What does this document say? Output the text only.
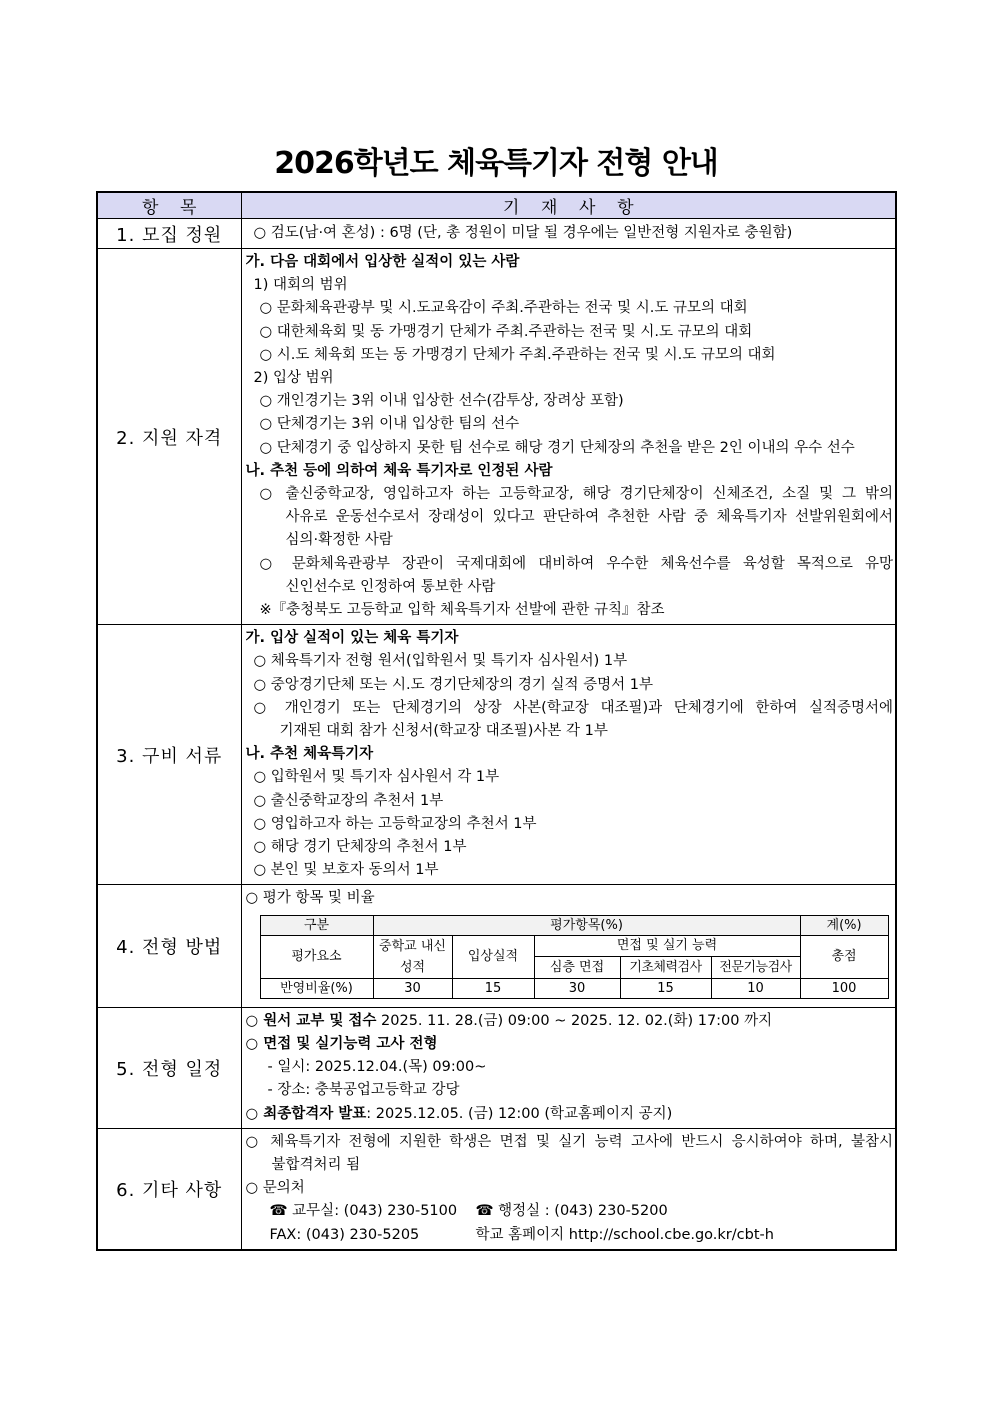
2026학년도 체육특기자 전형 안내
항    목	기    재    사    항
1. 모집 정원	○ 검도(남·여 혼성) : 6명 (단, 총 정원이 미달 될 경우에는 일반전형 지원자로 충원함)

2. 지원 자격	
가. 다음 대회에서 입상한 실적이 있는 사람
1) 대회의 범위
○ 문화체육관광부 및 시.도교육감이 주최.주관하는 전국 및 시.도 규모의 대회
○ 대한체육회 및 동 가맹경기 단체가 주최.주관하는 전국 및 시.도 규모의 대회
○ 시.도 체육회 또는 동 가맹경기 단체가 주최.주관하는 전국 및 시.도 규모의 대회
2) 입상 범위
○ 개인경기는 3위 이내 입상한 선수(감투상, 장려상 포함)
○ 단체경기는 3위 이내 입상한 팀의 선수
○ 단체경기 중 입상하지 못한 팀 선수로 해당 경기 단체장의 추천을 받은 2인 이내의 우수 선수
나. 추천 등에 의하여 체육 특기자로 인정된 사람
○ 출신중학교장, 영입하고자 하는 고등학교장, 해당 경기단체장이 신체조건, 소질 및 그 밖의
사유로 운동선수로서 장래성이 있다고 판단하여 추천한 사람 중 체육특기자 선발위원회에서
심의·확정한 사람
○ 문화체육관광부 장관이 국제대회에 대비하여 우수한 체육선수를 육성할 목적으로 유망
신인선수로 인정하여 통보한 사람
※『충청북도 고등학교 입학 체육특기자 선발에 관한 규칙』참조

3. 구비 서류	
가. 입상 실적이 있는 체육 특기자
○ 체육특기자 전형 원서(입학원서 및 특기자 심사원서) 1부
○ 중앙경기단체 또는 시.도 경기단체장의 경기 실적 증명서 1부
○ 개인경기 또는 단체경기의 상장 사본(학교장 대조필)과 단체경기에 한하여 실적증명서에
기재된 대회 참가 신청서(학교장 대조필)사본 각 1부
나. 추천 체육특기자
○ 입학원서 및 특기자 심사원서 각 1부
○ 출신중학교장의 추천서 1부
○ 영입하고자 하는 고등학교장의 추천서 1부
○ 해당 경기 단체장의 추천서 1부
○ 본인 및 보호자 동의서 1부

4. 전형 방법	
○ 평가 항목 및 비율
구분	평가항목(%)	계(%)
평가요소	중학교 내신성적	입상실적	면접 및 실기 능력	총점
심층 면접	기초체력검사	전문기능검사
반영비율(%)	30	15	30	15	10	100

5. 전형 일정	
○ 원서 교부 및 접수 2025. 11. 28.(금) 09:00 ~ 2025. 12. 02.(화) 17:00 까지
○ 면접 및 실기능력 고사 전형
- 일시: 2025.12.04.(목) 09:00~
- 장소: 충북공업고등학교 강당
○ 최종합격자 발표: 2025.12.05. (금) 12:00 (학교홈페이지 공지)

6. 기타 사항	
○ 체육특기자 전형에 지원한 학생은 면접 및 실기 능력 고사에 반드시 응시하여야 하며, 불참시
불합격처리 됨
○ 문의처
☎ 교무실: (043) 230-5100 ☎ 행정실 : (043) 230-5200
FAX: (043) 230-5205	학교 홈페이지 http://school.cbe.go.kr/cbt-h
